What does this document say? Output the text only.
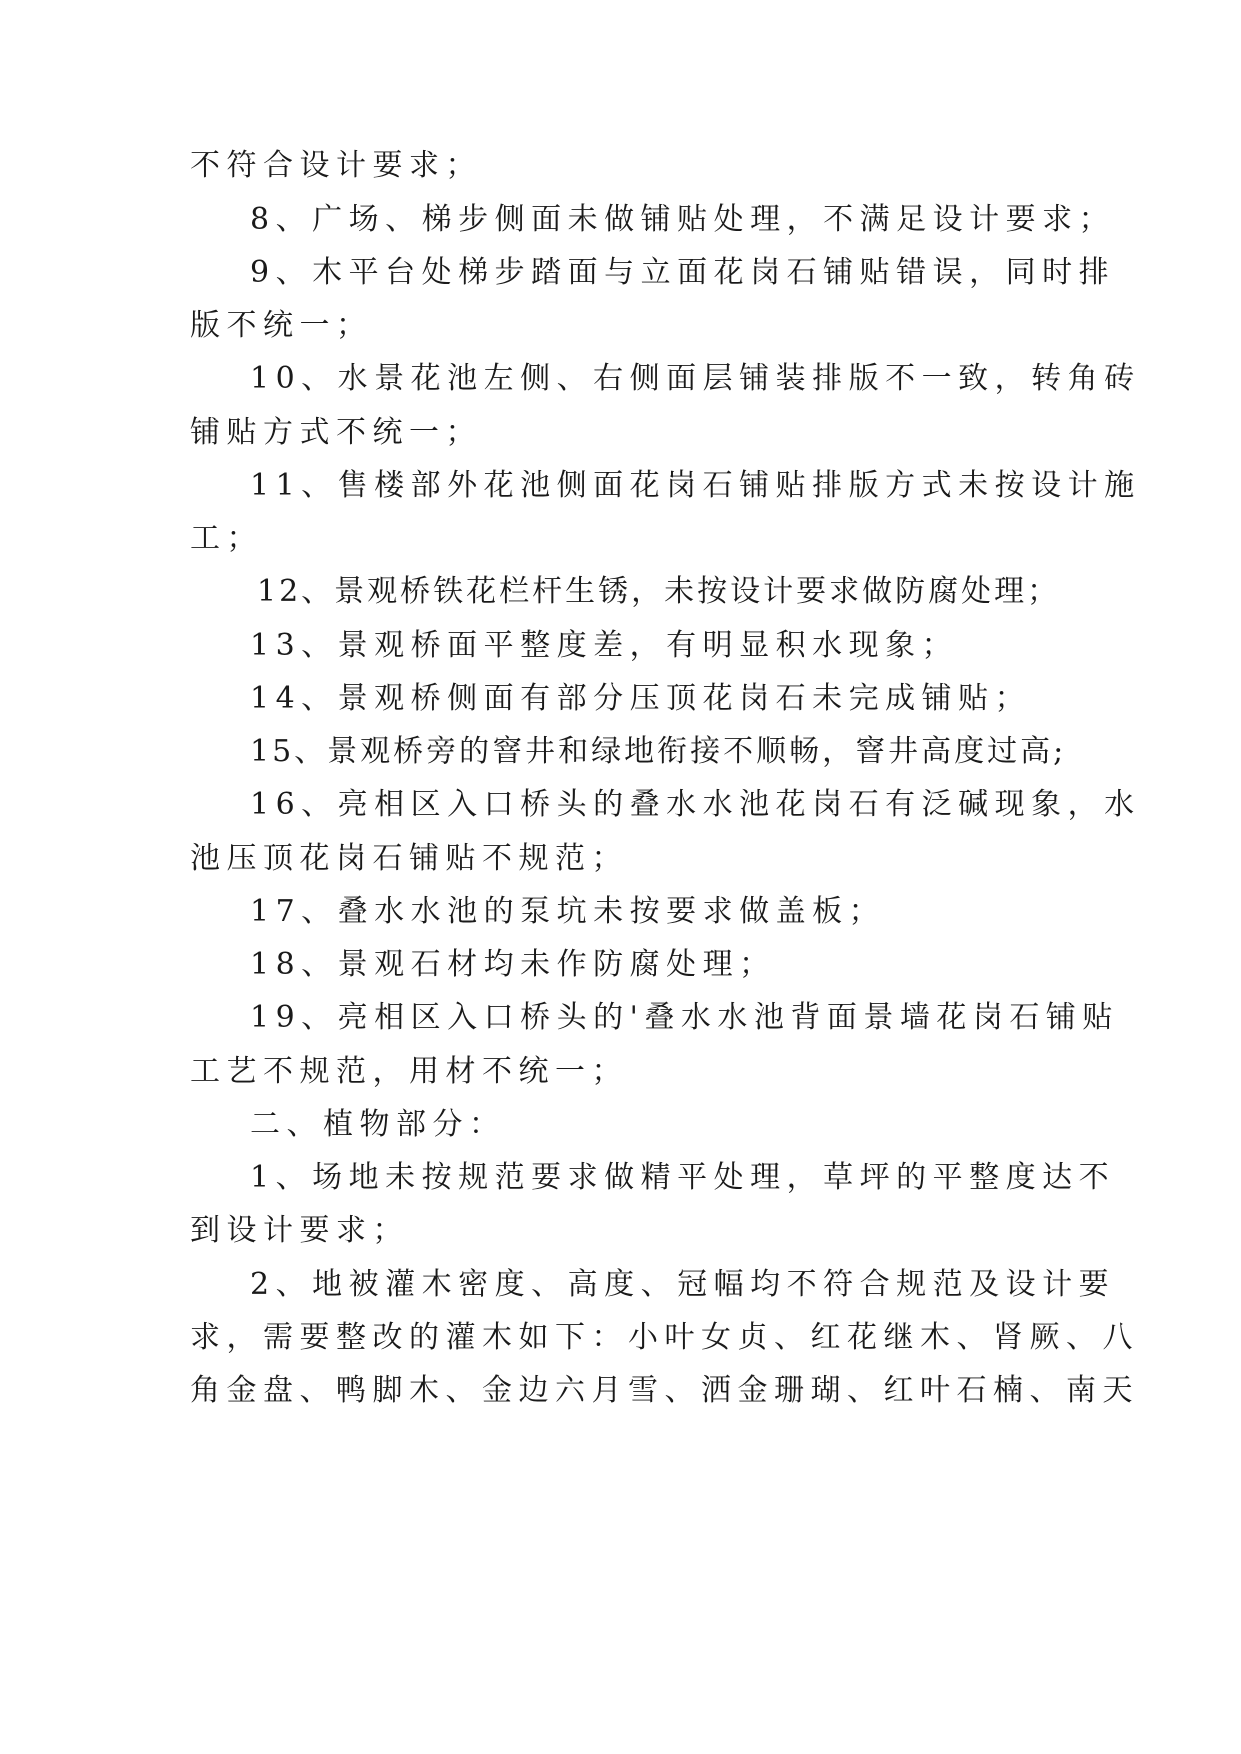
不符合设计要求；
8、广场、梯步侧面未做铺贴处理，不满足设计要求；
9、木平台处梯步踏面与立面花岗石铺贴错误，同时排
版不统一；
10、水景花池左侧、右侧面层铺装排版不一致，转角砖
铺贴方式不统一；
11、售楼部外花池侧面花岗石铺贴排版方式未按设计施
工；
12、景观桥铁花栏杆生锈，未按设计要求做防腐处理；
13、景观桥面平整度差，有明显积水现象；
14、景观桥侧面有部分压顶花岗石未完成铺贴；
15、景观桥旁的窨井和绿地衔接不顺畅，窨井高度过高;
16、亮相区入口桥头的叠水水池花岗石有泛碱现象，水
池压顶花岗石铺贴不规范；
17、叠水水池的泵坑未按要求做盖板；
18、景观石材均未作防腐处理；
19、亮相区入口桥头的'叠水水池背面景墙花岗石铺贴
工艺不规范，用材不统一；
二、植物部分：
1、场地未按规范要求做精平处理，草坪的平整度达不
到设计要求；
2、地被灌木密度、高度、冠幅均不符合规范及设计要
求，需要整改的灌木如下：小叶女贞、红花继木、肾厥、八
角金盘、鸭脚木、金边六月雪、洒金珊瑚、红叶石楠、南天
